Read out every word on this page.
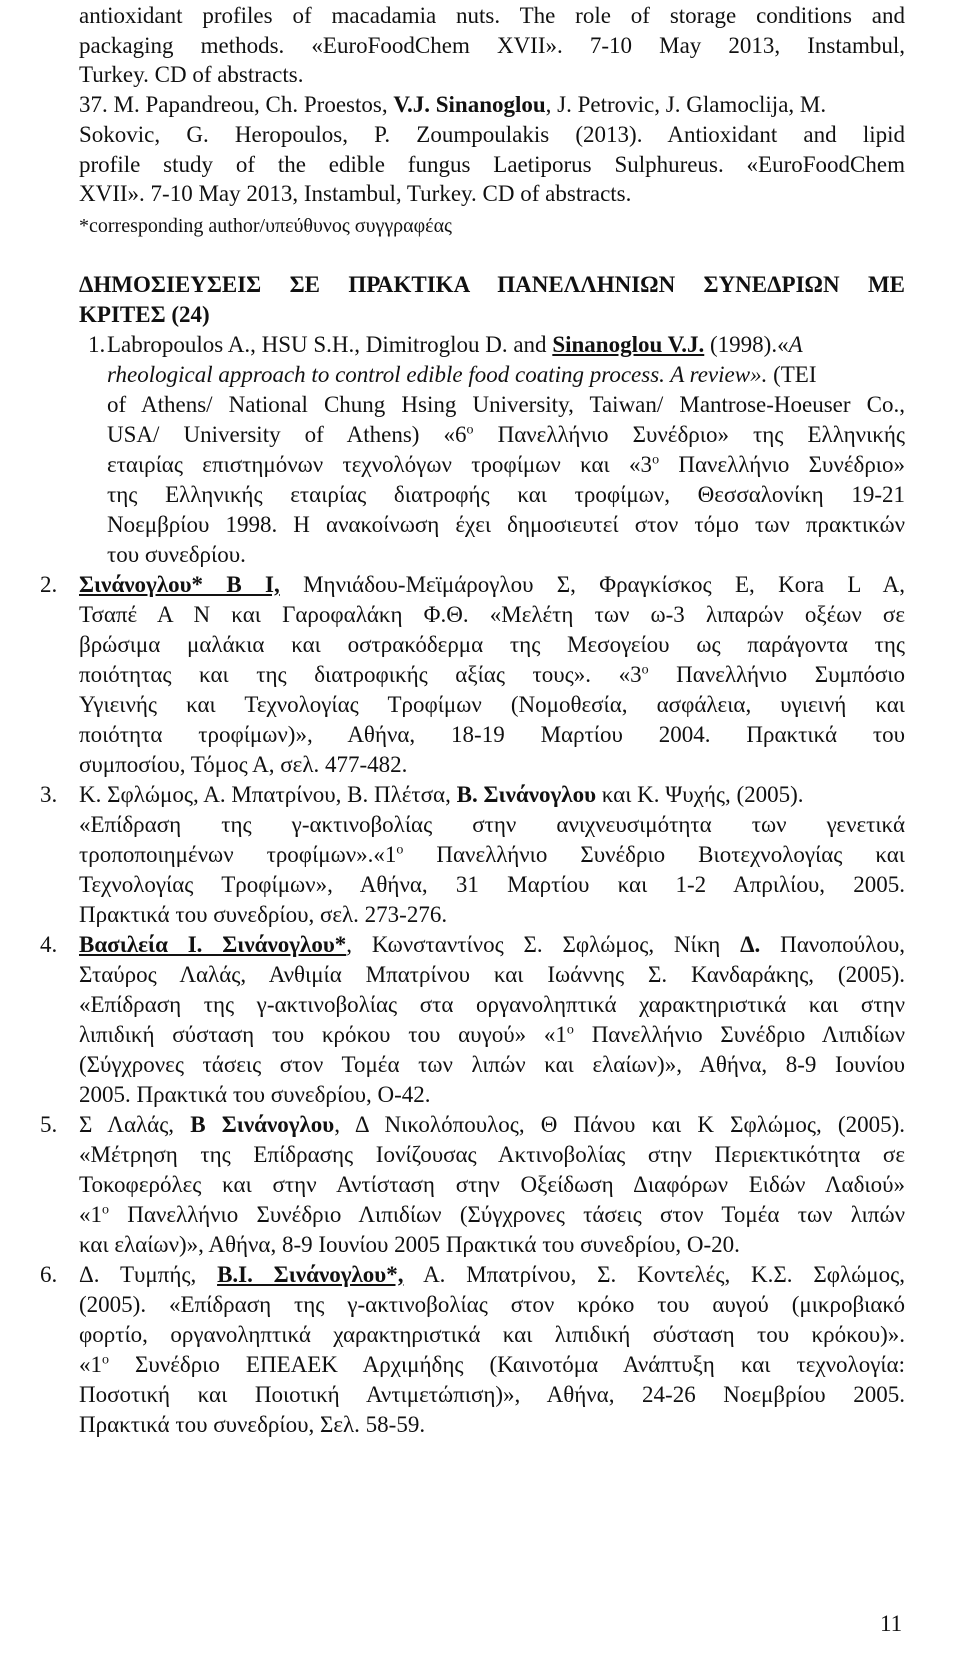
antioxidant profiles of macadamia nuts. The role of storage conditions and
packaging methods. «EuroFoodChem XVII». 7-10 May 2013, Instambul,
Turkey. CD of abstracts.
37. M. Papandreou, Ch. Proestos, V.J. Sinanoglou, J. Petrovic, J. Glamoclija, M.
Sokovic, G. Heropoulos, P. Zoumpoulakis (2013). Antioxidant and lipid
profile study of the edible fungus Laetiporus Sulphureus. «EuroFoodChem
XVII». 7-10 May 2013, Instambul, Turkey. CD of abstracts.
*corresponding author/υπεύθυνος συγγραφέας
ΔΗΜΟΣΙΕΥΣΕΙΣ ΣΕ ΠΡΑΚΤΙΚΑ ΠΑΝΕΛΛΗΝΙΩΝ ΣΥΝΕΔΡΙΩΝ ΜΕ
ΚΡΙΤΕΣ (24)
1. Labropoulos A., HSU S.H., Dimitroglou D. and Sinanoglou V.J. (1998).«A
rheological approach to control edible food coating process. A review». (TEI
of Athens/ National Chung Hsing University, Taiwan/ Mantrose-Hoeuser Co.,
USA/ University of Athens) «$6^o$ Πανελλήνιο Συνέδριο» της Ελληνικής
εταιρίας επιστημόνων τεχνολόγων τροφίμων και «$3^o$ Πανελλήνιο Συνέδριο»
της Ελληνικής εταιρίας διατροφής και τροφίμων, Θεσσαλονίκη 19-21
Νοεμβρίου 1998. Η ανακοίνωση έχει δημοσιευτεί στον τόμο των πρακτικών
του συνεδρίου.
2. Σινάνογλου* Β Ι, Μηνιάδου-Μεϊμάρογλου Σ, Φραγκίσκος Ε, Kora L A,
Τσαπέ Α Ν και Γαροφαλάκη Φ.Θ. «Μελέτη των ω-3 λιπαρών οξέων σε
βρώσιμα μαλάκια και οστρακόδερμα της Μεσογείου ως παράγοντα της
ποιότητας και της διατροφικής αξίας τους». «$3^o$ Πανελλήνιο Συμπόσιο
Υγιεινής και Τεχνολογίας Τροφίμων (Νομοθεσία, ασφάλεια, υγιεινή και
ποιότητα τροφίμων)», Αθήνα, 18-19 Μαρτίου 2004. Πρακτικά του
συμποσίου, Τόμος Α, σελ. 477-482.
3. Κ. Σφλώμος, Α. Μπατρίνου, Β. Πλέτσα, Β. Σινάνογλου και Κ. Ψυχής, (2005).
«Επίδραση της γ-ακτινοβολίας στην ανιχνευσιμότητα των γενετικά
τροποποιημένων $\tau\rho o\varphi ί\mu\omega\nu».«1^o$ Πανελλήνιο Συνέδριο Βιοτεχνολογίας και
Τεχνολογίας Τροφίμων», Αθήνα, 31 Μαρτίου και 1-2 Απριλίου, 2005.
Πρακτικά του συνεδρίου, σελ. 273-276.
4. Βασιλεία Ι. Σινάνογλου*, Κωνσταντίνος Σ. Σφλώμος, Νίκη Δ. Πανοπούλου,
Σταύρος Λαλάς, Ανθιμία Μπατρίνου και Ιωάννης Σ. Κανδαράκης, (2005).
«Επίδραση της γ-ακτινοβολίας στα οργανοληπτικά χαρακτηριστικά και στην
λιπιδική σύσταση του κρόκου του αυγού» «$1^o$ Πανελλήνιο Συνέδριο Λιπιδίων
(Σύγχρονες τάσεις στον Τομέα των λιπών και ελαίων)», Αθήνα, 8-9 Ιουνίου
2005. Πρακτικά του συνεδρίου, Ο-42.
5. Σ Λαλάς, Β Σινάνογλου, Δ Νικολόπουλος, Θ Πάνου και Κ Σφλώμος, (2005).
«Μέτρηση της Επίδρασης Ιονίζουσας Ακτινοβολίας στην Περιεκτικότητα σε
Τοκοφερόλες και στην Αντίσταση στην Οξείδωση Διαφόρων Ειδών Λαδιού»
«$1^o$ Πανελλήνιο Συνέδριο Λιπιδίων (Σύγχρονες τάσεις στον Τομέα των λιπών
και ελαίων)», Αθήνα, 8-9 Ιουνίου 2005 Πρακτικά του συνεδρίου, Ο-20.
6. Δ. Τυμπής, Β.Ι. Σινάνογλου*, Α. Μπατρίνου, Σ. Κοντελές, Κ.Σ. Σφλώμος,
(2005). «Επίδραση της γ-ακτινοβολίας στον κρόκο του αυγού (μικροβιακό
φορτίο, οργανοληπτικά χαρακτηριστικά και λιπιδική σύσταση του κρόκου)».
«$1^o$ Συνέδριο ΕΠΕΑΕΚ Αρχιμήδης (Καινοτόμα Ανάπτυξη και τεχνολογία:
Ποσοτική και Ποιοτική Αντιμετώπιση)», Αθήνα, 24-26 Νοεμβρίου 2005.
Πρακτικά του συνεδρίου, Σελ. 58-59.
11
